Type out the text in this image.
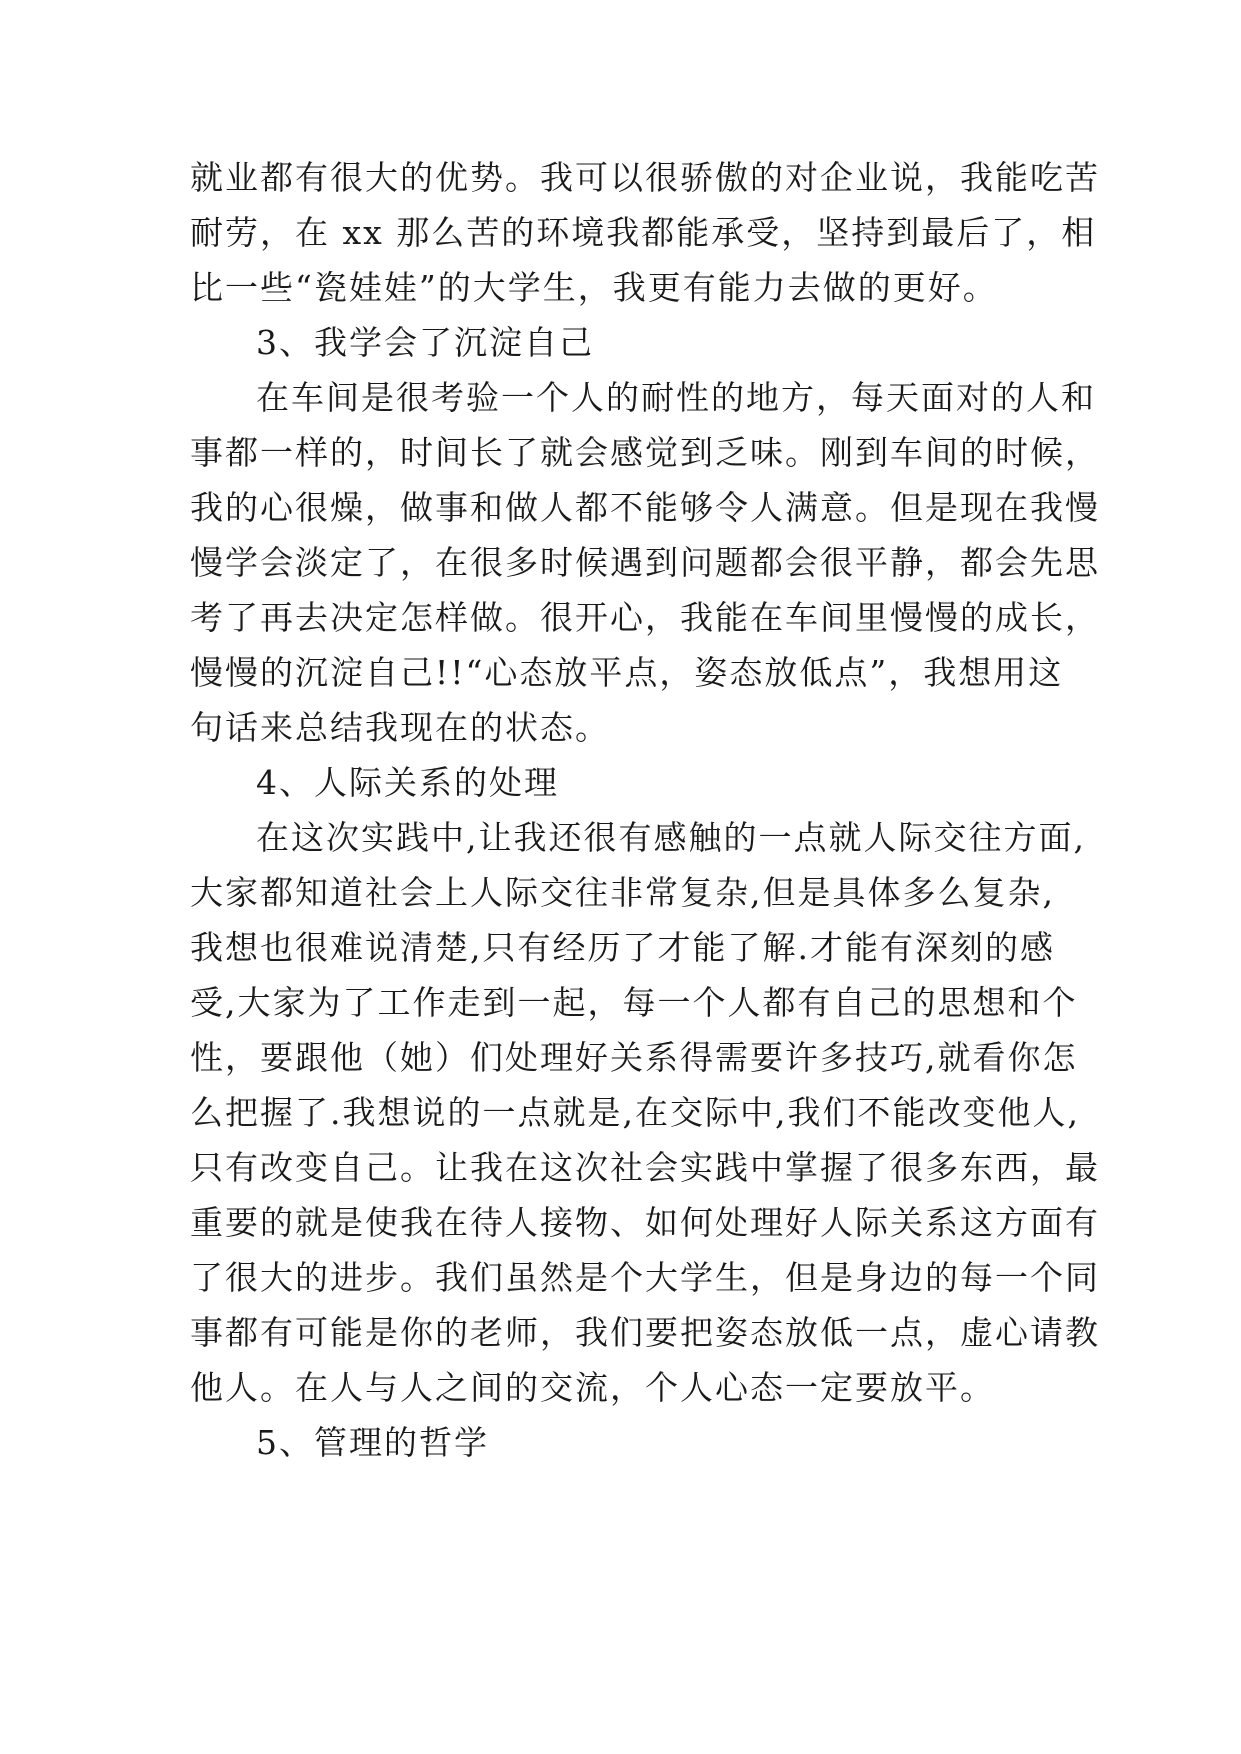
就业都有很大的优势。我可以很骄傲的对企业说，我能吃苦
耐劳，在 xx 那么苦的环境我都能承受，坚持到最后了，相
比一些“瓷娃娃”的大学生，我更有能力去做的更好。
3、我学会了沉淀自己
在车间是很考验一个人的耐性的地方，每天面对的人和
事都一样的，时间长了就会感觉到乏味。刚到车间的时候，
我的心很燥，做事和做人都不能够令人满意。但是现在我慢
慢学会淡定了，在很多时候遇到问题都会很平静，都会先思
考了再去决定怎样做。很开心，我能在车间里慢慢的成长，
慢慢的沉淀自己!!“心态放平点，姿态放低点”，我想用这
句话来总结我现在的状态。
4、人际关系的处理
在这次实践中,让我还很有感触的一点就人际交往方面,
大家都知道社会上人际交往非常复杂,但是具体多么复杂,
我想也很难说清楚,只有经历了才能了解.才能有深刻的感
受,大家为了工作走到一起，每一个人都有自己的思想和个
性，要跟他（她）们处理好关系得需要许多技巧,就看你怎
么把握了.我想说的一点就是,在交际中,我们不能改变他人,
只有改变自己。让我在这次社会实践中掌握了很多东西，最
重要的就是使我在待人接物、如何处理好人际关系这方面有
了很大的进步。我们虽然是个大学生，但是身边的每一个同
事都有可能是你的老师，我们要把姿态放低一点，虚心请教
他人。在人与人之间的交流，个人心态一定要放平。
5、管理的哲学
